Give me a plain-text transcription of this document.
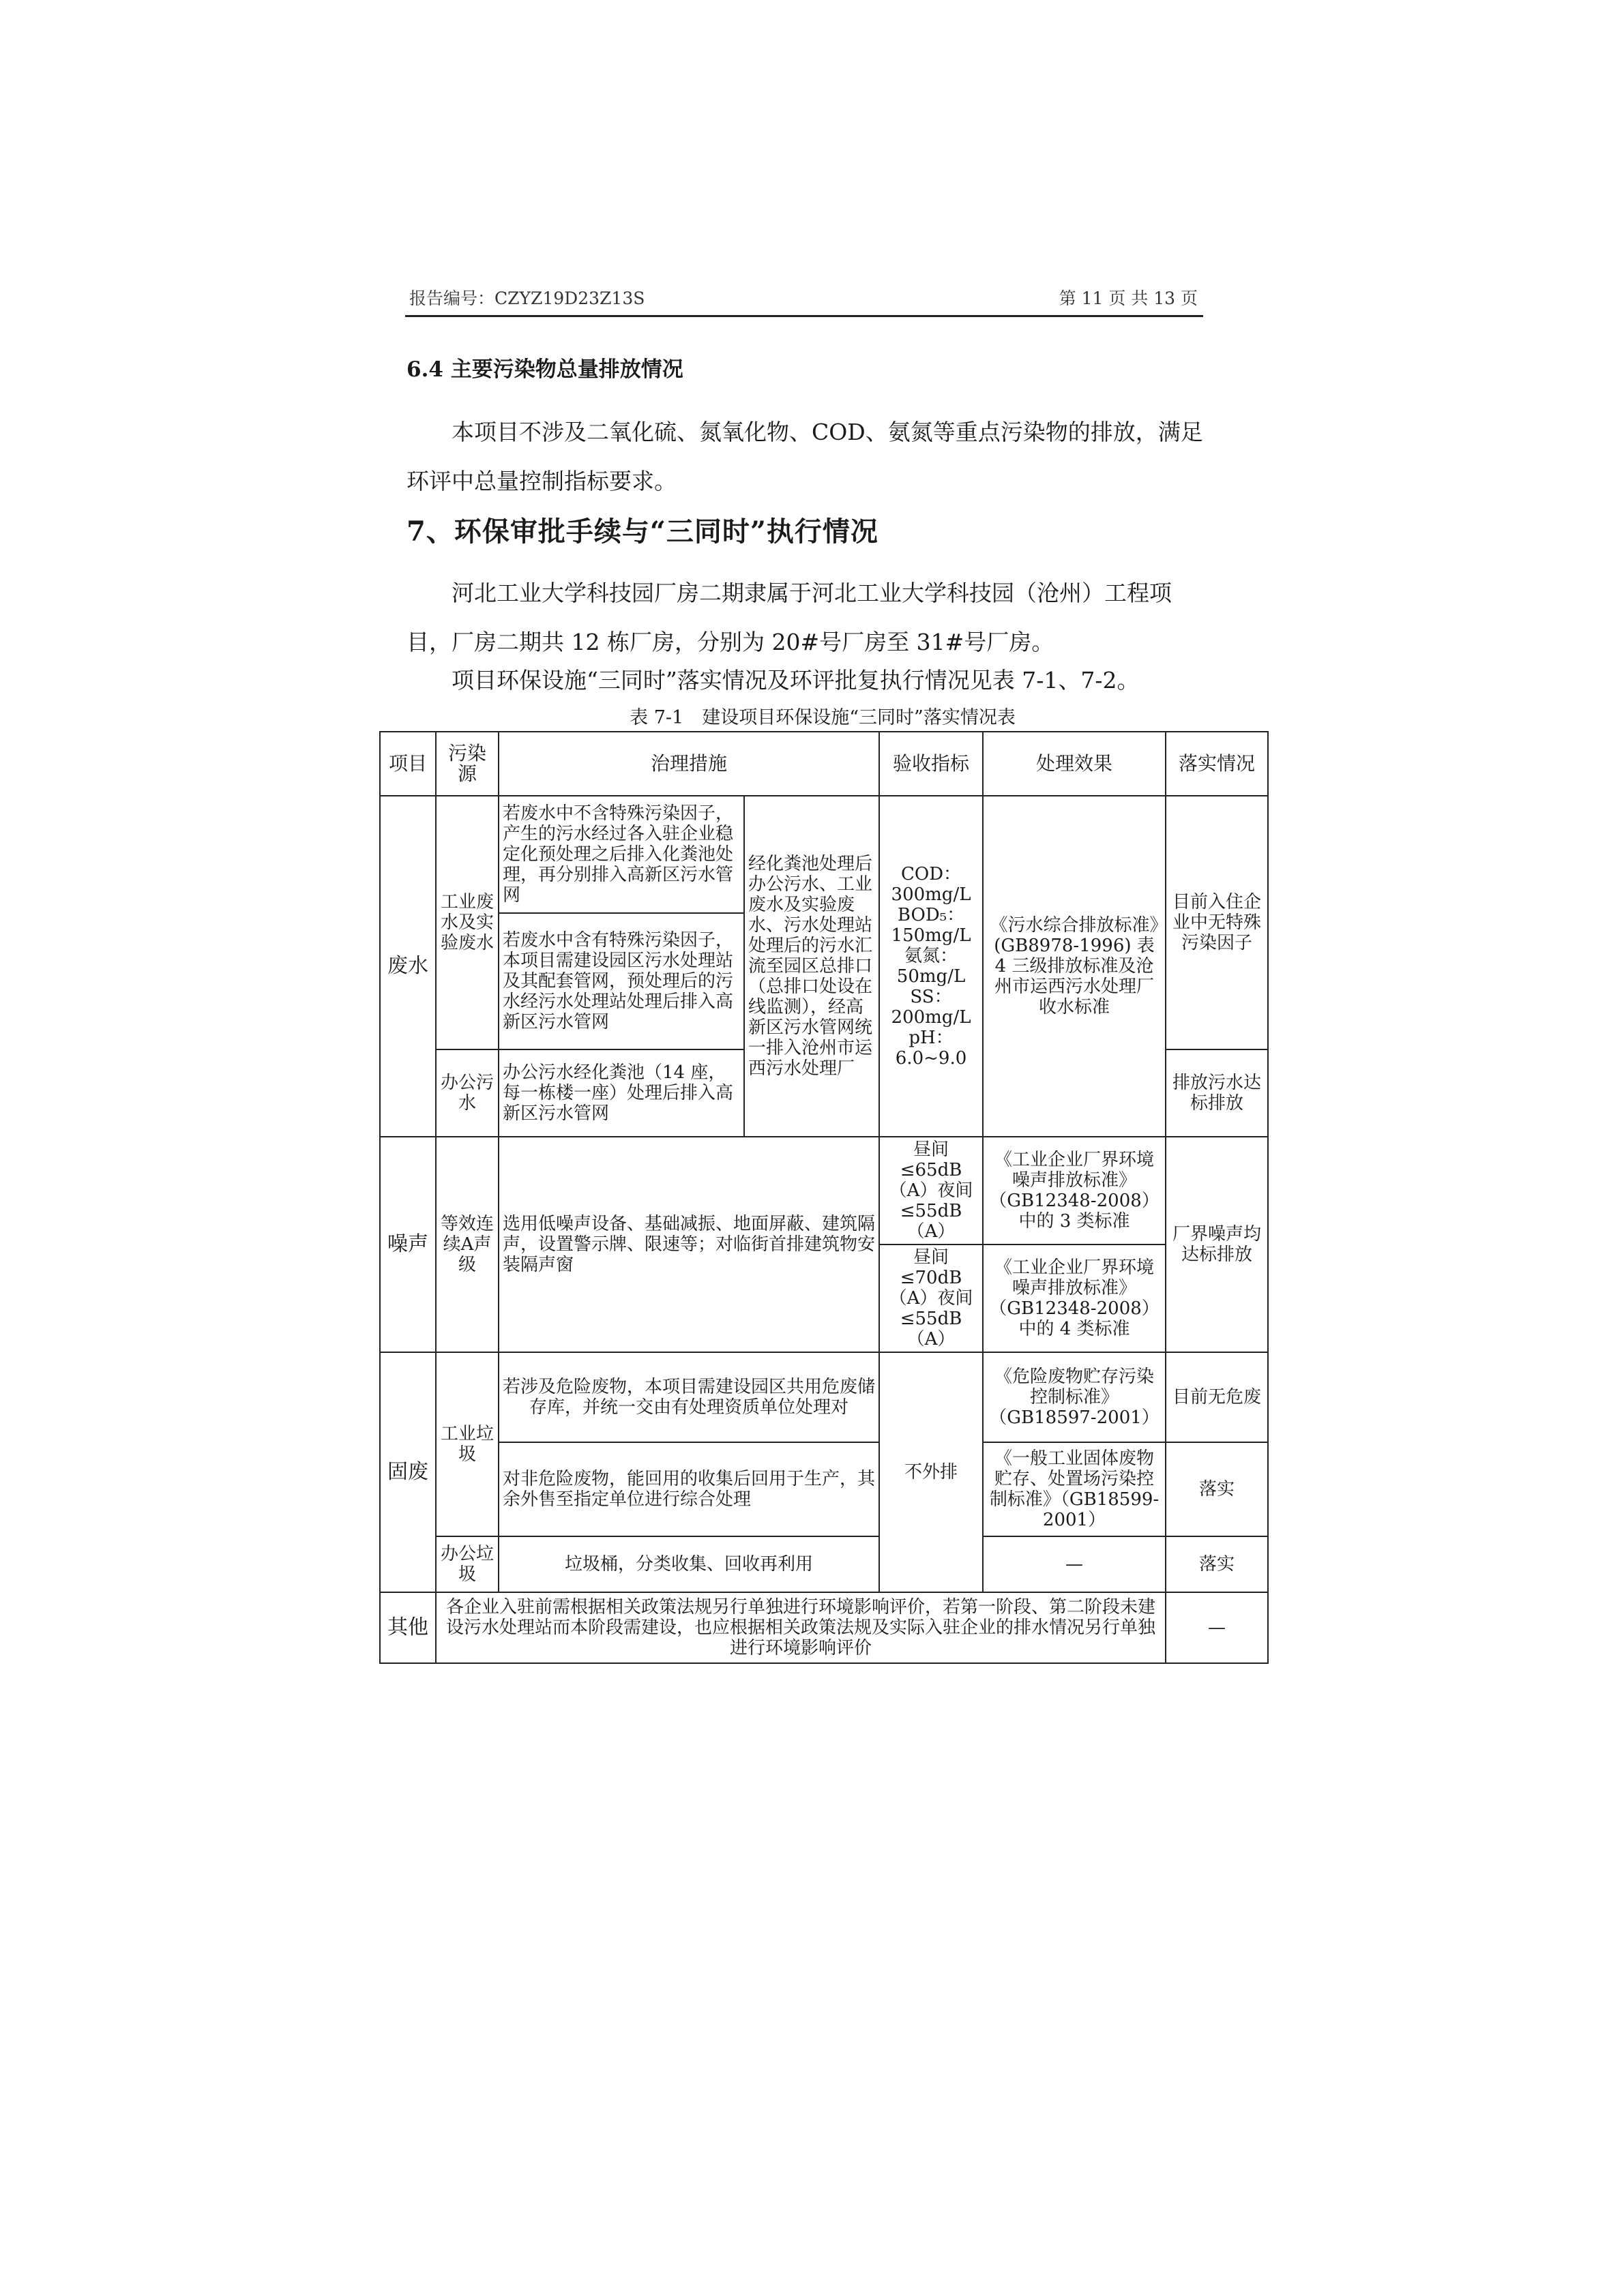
报告编号：CZYZ19D23Z13S	第 11 页 共 13 页
6.4 主要污染物总量排放情况

本项目不涉及二氧化硫、氮氧化物、COD、氨氮等重点污染物的排放，满足环评中总量控制指标要求。

7、环保审批手续与“三同时”执行情况

河北工业大学科技园厂房二期隶属于河北工业大学科技园（沧州）工程项目，厂房二期共 12 栋厂房，分别为 20#号厂房至 31#号厂房。

项目环保设施“三同时”落实情况及环评批复执行情况见表 7-1、7-2。

表 7-1　建设项目环保设施“三同时”落实情况表
项目	污染源	治理措施		验收指标	处理效果	落实情况
废水	工业废水及实验废水	若废水中不含特殊污染因子，产生的污水经过各入驻企业稳定化预处理之后排入化粪池处理，再分别排入高新区污水管网	经化粪池处理后办公污水、工业废水及实验废水、污水处理站处理后的污水汇流至园区总排口（总排口处设在线监测），经高新区污水管网统一排入沧州市运西污水处理厂	COD：300mg/L BOD₅：150mg/L 氨氮：50mg/L SS：200mg/L pH：6.0~9.0	《污水综合排放标准》(GB8978-1996) 表 4 三级排放标准及沧州市运西污水处理厂收水标准	目前入住企业中无特殊污染因子
		若废水中含有特殊污染因子，本项目需建设园区污水处理站及其配套管网，预处理后的污水经污水处理站处理后排入高新区污水管网				
	办公污水	办公污水经化粪池（14 座，每一栋楼一座）处理后排入高新区污水管网				排放污水达标排放
噪声	等效连续A声级	选用低噪声设备、基础减振、地面屏蔽、建筑隔声，设置警示牌、限速等；对临街首排建筑物安装隔声窗		昼间≤65dB（A）夜间≤55dB（A）	《工业企业厂界环境噪声排放标准》（GB12348-2008）中的 3 类标准	厂界噪声均达标排放
				昼间≤70dB（A）夜间≤55dB（A）	《工业企业厂界环境噪声排放标准》（GB12348-2008）中的 4 类标准	
固废	工业垃圾	若涉及危险废物，本项目需建设园区共用危废储存库，并统一交由有处理资质单位处理对		不外排	《危险废物贮存污染控制标准》（GB18597-2001）	目前无危废
		对非危险废物，能回用的收集后回用于生产，其余外售至指定单位进行综合处理			《一般工业固体废物贮存、处置场污染控制标准》（GB18599-2001）	落实
	办公垃圾	垃圾桶，分类收集、回收再利用			—	落实
其他	各企业入驻前需根据相关政策法规另行单独进行环境影响评价，若第一阶段、第二阶段未建设污水处理站而本阶段需建设，也应根据相关政策法规及实际入驻企业的排水情况另行单独进行环境影响评价					—
